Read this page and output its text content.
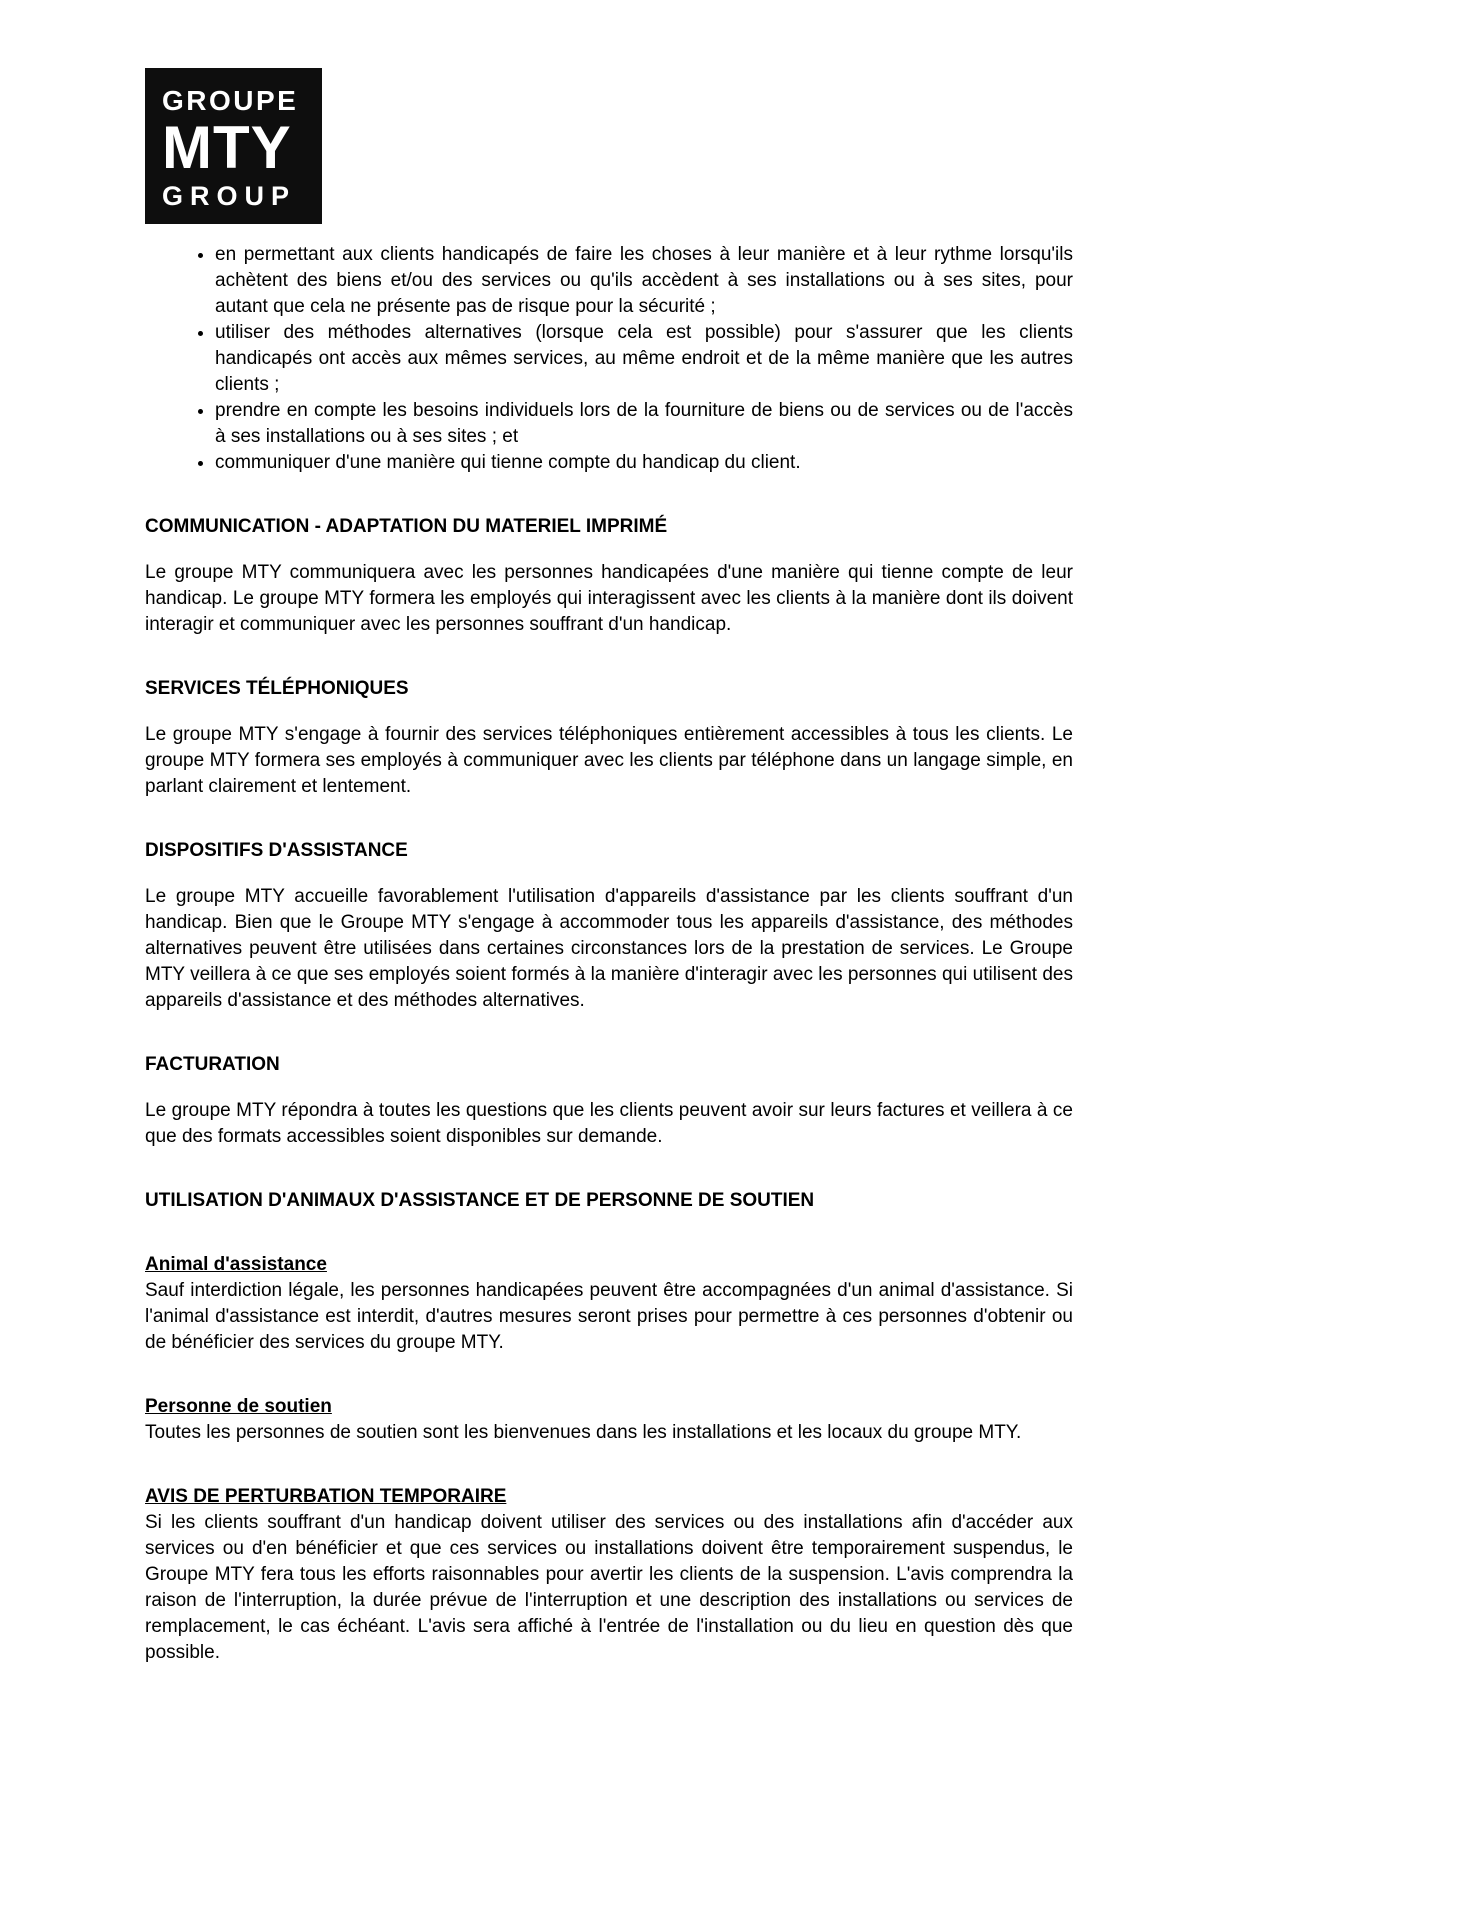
GROUPE
MTY
GROUP
• en permettant aux clients handicapés de faire les choses à leur manière et à leur rythme lorsqu'ils achètent des biens et/ou des services ou qu'ils accèdent à ses installations ou à ses sites, pour autant que cela ne présente pas de risque pour la sécurité ;
• utiliser des méthodes alternatives (lorsque cela est possible) pour s'assurer que les clients handicapés ont accès aux mêmes services, au même endroit et de la même manière que les autres clients ;
• prendre en compte les besoins individuels lors de la fourniture de biens ou de services ou de l'accès à ses installations ou à ses sites ; et
• communiquer d'une manière qui tienne compte du handicap du client.
COMMUNICATION - ADAPTATION DU MATERIEL IMPRIMÉ

Le groupe MTY communiquera avec les personnes handicapées d'une manière qui tienne compte de leur handicap. Le groupe MTY formera les employés qui interagissent avec les clients à la manière dont ils doivent interagir et communiquer avec les personnes souffrant d'un handicap.

SERVICES TÉLÉPHONIQUES

Le groupe MTY s'engage à fournir des services téléphoniques entièrement accessibles à tous les clients. Le groupe MTY formera ses employés à communiquer avec les clients par téléphone dans un langage simple, en parlant clairement et lentement.

DISPOSITIFS D'ASSISTANCE

Le groupe MTY accueille favorablement l'utilisation d'appareils d'assistance par les clients souffrant d'un handicap. Bien que le Groupe MTY s'engage à accommoder tous les appareils d'assistance, des méthodes alternatives peuvent être utilisées dans certaines circonstances lors de la prestation de services. Le Groupe MTY veillera à ce que ses employés soient formés à la manière d'interagir avec les personnes qui utilisent des appareils d'assistance et des méthodes alternatives.

FACTURATION

Le groupe MTY répondra à toutes les questions que les clients peuvent avoir sur leurs factures et veillera à ce que des formats accessibles soient disponibles sur demande.

UTILISATION D'ANIMAUX D'ASSISTANCE ET DE PERSONNE DE SOUTIEN
Animal d'assistance

Sauf interdiction légale, les personnes handicapées peuvent être accompagnées d'un animal d'assistance. Si l'animal d'assistance est interdit, d'autres mesures seront prises pour permettre à ces personnes d'obtenir ou de bénéficier des services du groupe MTY.

Personne de soutien

Toutes les personnes de soutien sont les bienvenues dans les installations et les locaux du groupe MTY.

AVIS DE PERTURBATION TEMPORAIRE

Si les clients souffrant d'un handicap doivent utiliser des services ou des installations afin d'accéder aux services ou d'en bénéficier et que ces services ou installations doivent être temporairement suspendus, le Groupe MTY fera tous les efforts raisonnables pour avertir les clients de la suspension. L'avis comprendra la raison de l'interruption, la durée prévue de l'interruption et une description des installations ou services de remplacement, le cas échéant. L'avis sera affiché à l'entrée de l'installation ou du lieu en question dès que possible.
